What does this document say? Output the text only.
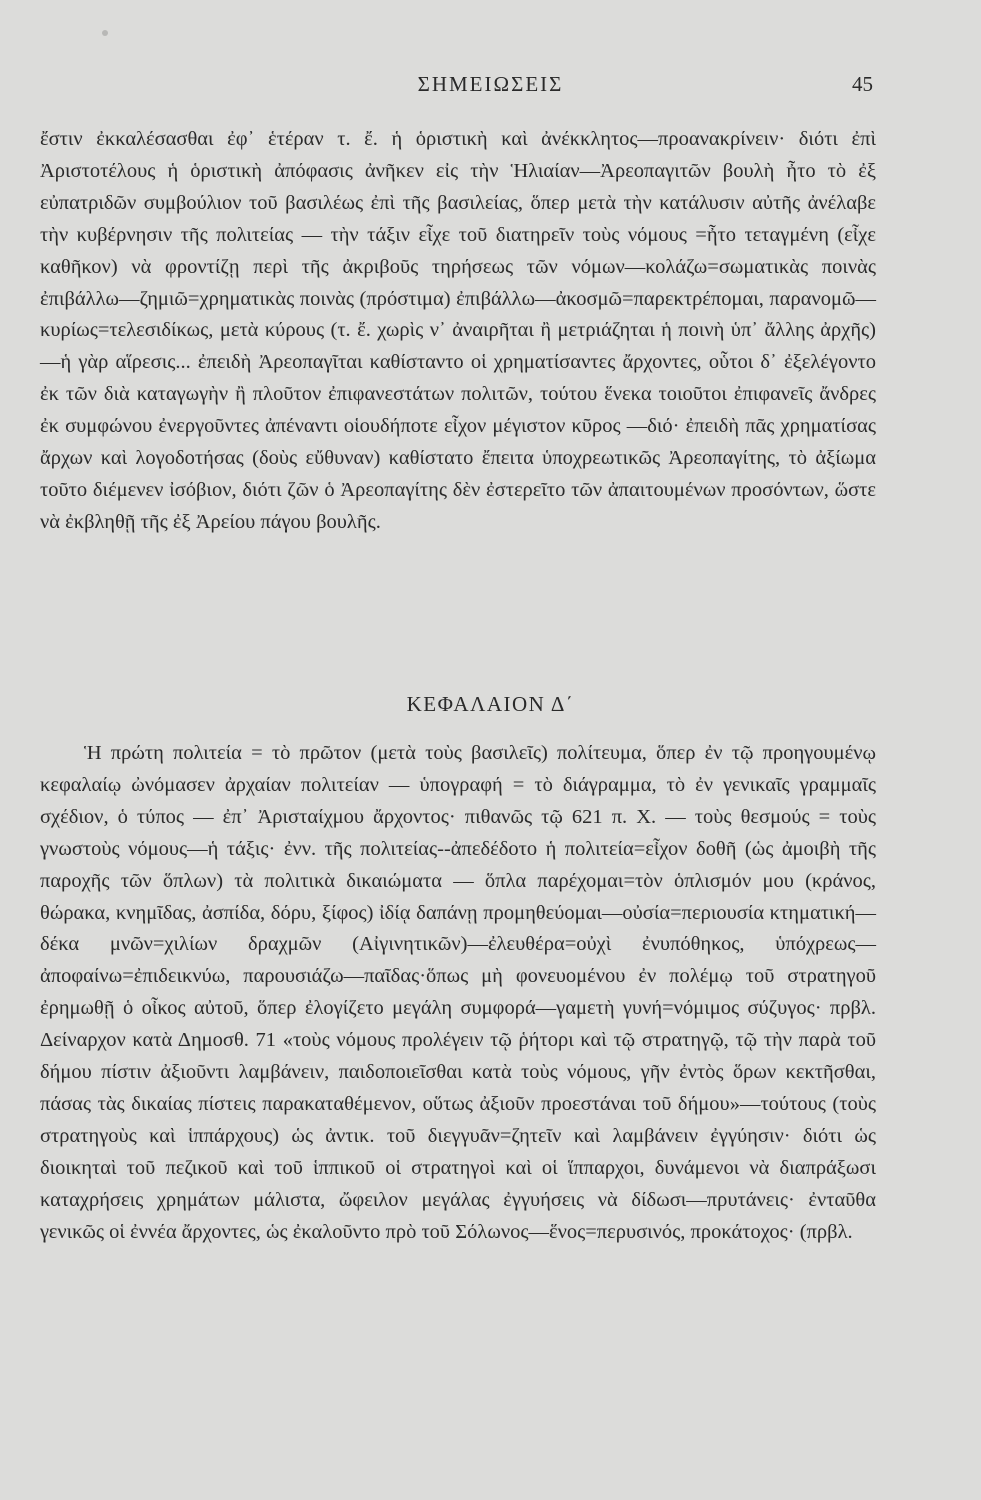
ΣΗΜΕΙΩΣΕΙΣ	45
ἔστιν ἐκκαλέσασθαι ἐφ᾽ ἑτέραν τ. ἔ. ἡ ὁριστικὴ καὶ ἀνέκκλητος—προανακρίνειν· διότι ἐπὶ Ἀριστοτέλους ἡ ὁριστικὴ ἀπόφασις ἀνῆκεν εἰς τὴν Ἡλιαίαν—Ἀρεοπαγιτῶν βουλὴ ἦτο τὸ ἐξ εὐπατριδῶν συμβούλιον τοῦ βασιλέως ἐπὶ τῆς βασιλείας, ὅπερ μετὰ τὴν κατάλυσιν αὐτῆς ἀνέλαβε τὴν κυβέρνησιν τῆς πολιτείας — τὴν τάξιν εἶχε τοῦ διατηρεῖν τοὺς νόμους =ἦτο τεταγμένη (εἶχε καθῆκον) νὰ φροντίζῃ περὶ τῆς ἀκριβοῦς τηρήσεως τῶν νόμων—κολάζω=σωματικὰς ποινὰς ἐπιβάλλω—ζημιῶ=χρηματικὰς ποινὰς (πρόστιμα) ἐπιβάλλω—ἀκοσμῶ=παρεκτρέπομαι, παρανομῶ—κυρίως=τελεσιδίκως, μετὰ κύρους (τ. ἔ. χωρὶς ν᾽ ἀναιρῆται ἢ μετριάζηται ἡ ποινὴ ὑπ᾽ ἄλλης ἀρχῆς)—ἡ γὰρ αἵρεσις... ἐπειδὴ Ἀρεοπαγῖται καθίσταντο οἱ χρηματίσαντες ἄρχοντες, οὗτοι δ᾽ ἐξελέγοντο ἐκ τῶν διὰ καταγωγὴν ἢ πλοῦτον ἐπιφανεστάτων πολιτῶν, τούτου ἕνεκα τοιοῦτοι ἐπιφανεῖς ἄνδρες ἐκ συμφώνου ἐνεργοῦντες ἀπέναντι οἱουδήποτε εἶχον μέγιστον κῦρος —διό· ἐπειδὴ πᾶς χρηματίσας ἄρχων καὶ λογοδοτήσας (δοὺς εὔθυναν) καθίστατο ἔπειτα ὑποχρεωτικῶς Ἀρεοπαγίτης, τὸ ἀξίωμα τοῦτο διέμενεν ἰσόβιον, διότι ζῶν ὁ Ἀρεοπαγίτης δὲν ἐστερεῖτο τῶν ἀπαιτουμένων προσόντων, ὥστε νὰ ἐκβληθῇ τῆς ἐξ Ἀρείου πάγου βουλῆς.
ΚΕΦΑΛΑΙΟΝ Δ΄
Ἡ πρώτη πολιτεία = τὸ πρῶτον (μετὰ τοὺς βασιλεῖς) πολίτευμα, ὅπερ ἐν τῷ προηγουμένῳ κεφαλαίῳ ὠνόμασεν ἀρχαίαν πολιτείαν — ὑπογραφή = τὸ διάγραμμα, τὸ ἐν γενικαῖς γραμμαῖς σχέδιον, ὁ τύπος — ἐπ᾽ Ἀρισταίχμου ἄρχοντος· πιθανῶς τῷ 621 π. Χ. — τοὺς θεσμούς = τοὺς γνωστοὺς νόμους—ἡ τάξις· ἐνν. τῆς πολιτείας--ἀπεδέδοτο ἡ πολιτεία=εἶχον δοθῆ (ὡς ἀμοιβὴ τῆς παροχῆς τῶν ὅπλων) τὰ πολιτικὰ δικαιώματα — ὅπλα παρέχομαι=τὸν ὁπλισμόν μου (κράνος, θώρακα, κνημῖδας, ἀσπίδα, δόρυ, ξίφος) ἰδίᾳ δαπάνῃ προμηθεύομαι—οὐσία=περιουσία κτηματική—δέκα μνῶν=χιλίων δραχμῶν (Αἰγινητικῶν)—ἐλευθέρα=οὐχὶ ἐνυπόθηκος, ὑπόχρεως—ἀποφαίνω=ἐπιδεικνύω, παρουσιάζω—παῖδας·ὅπως μὴ φονευομένου ἐν πολέμῳ τοῦ στρατηγοῦ ἐρημωθῇ ὁ οἶκος αὐτοῦ, ὅπερ ἐλογίζετο μεγάλη συμφορά—γαμετὴ γυνή=νόμιμος σύζυγος· πρβλ. Δείναρχον κατὰ Δημοσθ. 71 «τοὺς νόμους προλέγειν τῷ ῥήτορι καὶ τῷ στρατηγῷ, τῷ τὴν παρὰ τοῦ δήμου πίστιν ἀξιοῦντι λαμβάνειν, παιδοποιεῖσθαι κατὰ τοὺς νόμους, γῆν ἐντὸς ὅρων κεκτῆσθαι, πάσας τὰς δικαίας πίστεις παρακαταθέμενον, οὕτως ἀξιοῦν προεστάναι τοῦ δήμου»—τούτους (τοὺς στρατηγοὺς καὶ ἱππάρχους) ὡς ἀντικ. τοῦ διεγγυᾶν=ζητεῖν καὶ λαμβάνειν ἐγγύησιν· διότι ὡς διοικηταὶ τοῦ πεζικοῦ καὶ τοῦ ἱππικοῦ οἱ στρατηγοὶ καὶ οἱ ἵππαρχοι, δυνάμενοι νὰ διαπράξωσι καταχρήσεις χρημάτων μάλιστα, ὤφειλον μεγάλας ἐγγυήσεις νὰ δίδωσι—πρυτάνεις· ἐνταῦθα γενικῶς οἱ ἐννέα ἄρχοντες, ὡς ἐκαλοῦντο πρὸ τοῦ Σόλωνος—ἕνος=περυσινός, προκάτοχος· (πρβλ.
